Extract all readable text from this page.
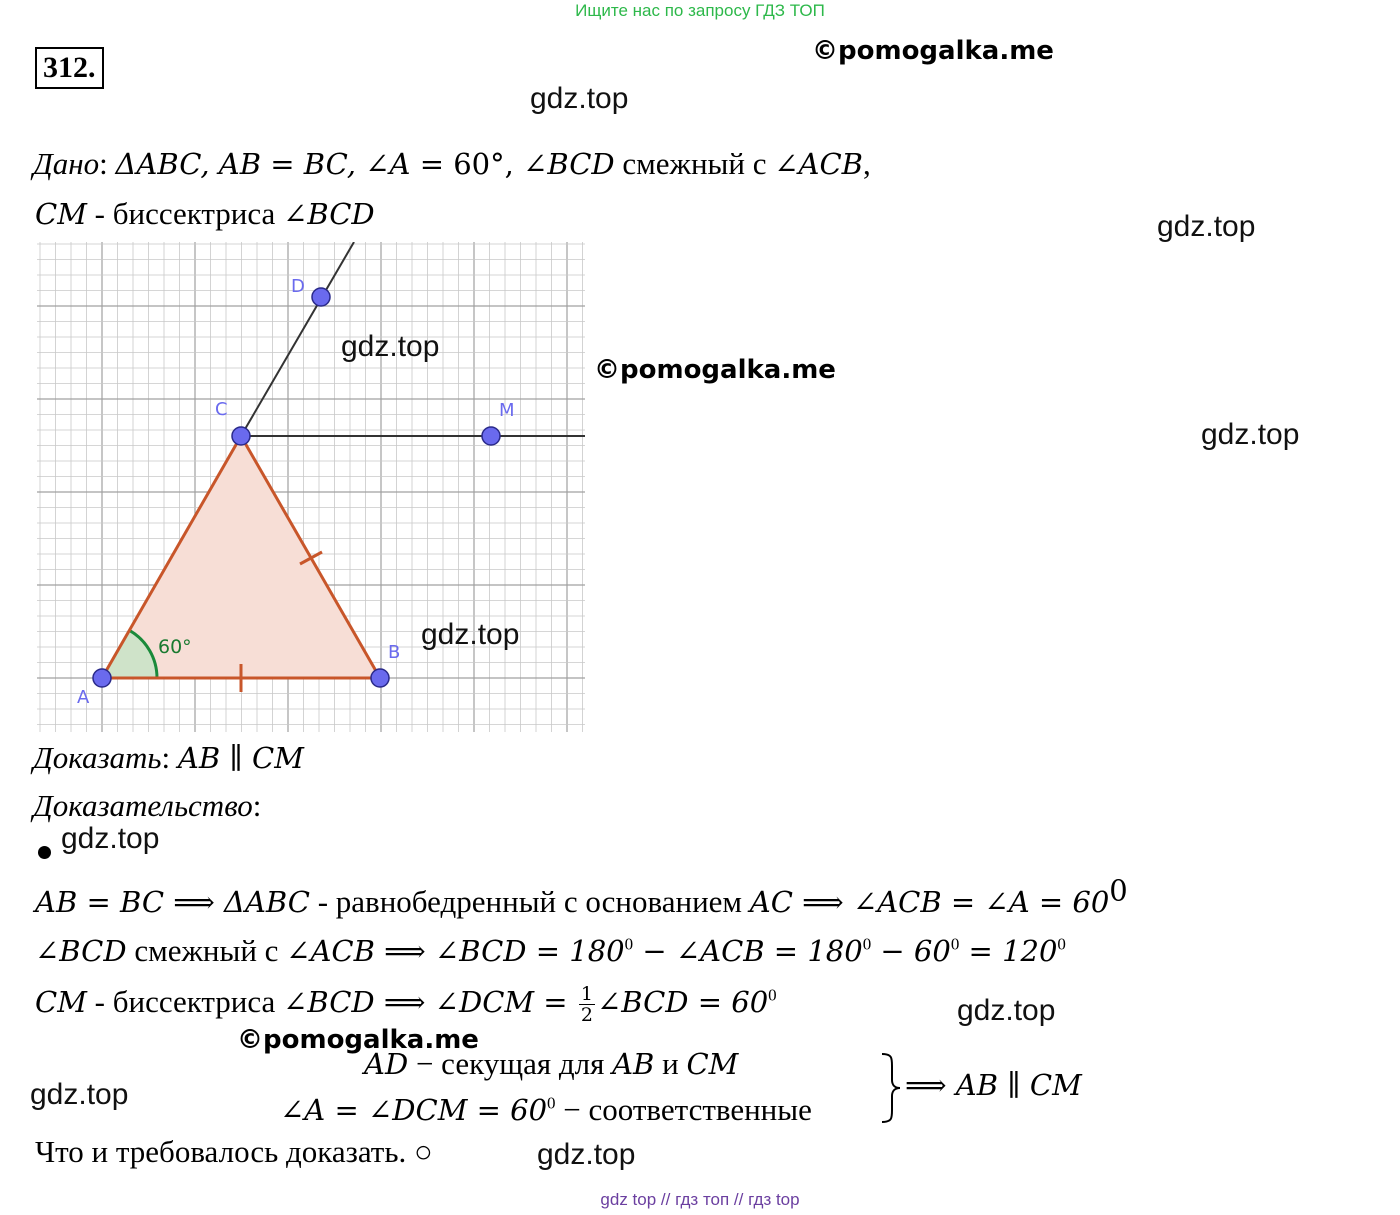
Ищите нас по запросу ГДЗ ТОП
312.	©pomogalka.me
gdz.top
Дано: ΔABC, AB = BC, ∠A = 60°, ∠BCD смежный с ∠ACB,
CM - биссектриса ∠BCD	gdz.top
A
B
C
D
M
60°
gdz.top
©pomogalka.me
gdz.top
gdz.top
Доказать: AB ∥ CM
Доказательство:
gdz.top
AB = BC ⟹ ΔABC - равнобедренный с основанием AC ⟹ ∠ACB = ∠A = $60^0$
∠BCD смежный с ∠ACB ⟹ ∠BCD = $180^0$ − ∠ACB = $180^0 - 60^0 = 120^0$
CM - биссектриса ∠BCD ⟹ ∠DCM = $\frac{1}{2}$ ∠BCD = $60^0$	gdz.top
©pomogalka.me
AD − секущая для AB и CM
∠A = ∠DCM = $60^0$ − соответственные
⟹ AB ∥ CM
gdz.top
Что и требовалось доказать. ○	gdz.top
gdz top // гдз топ // гдз top
